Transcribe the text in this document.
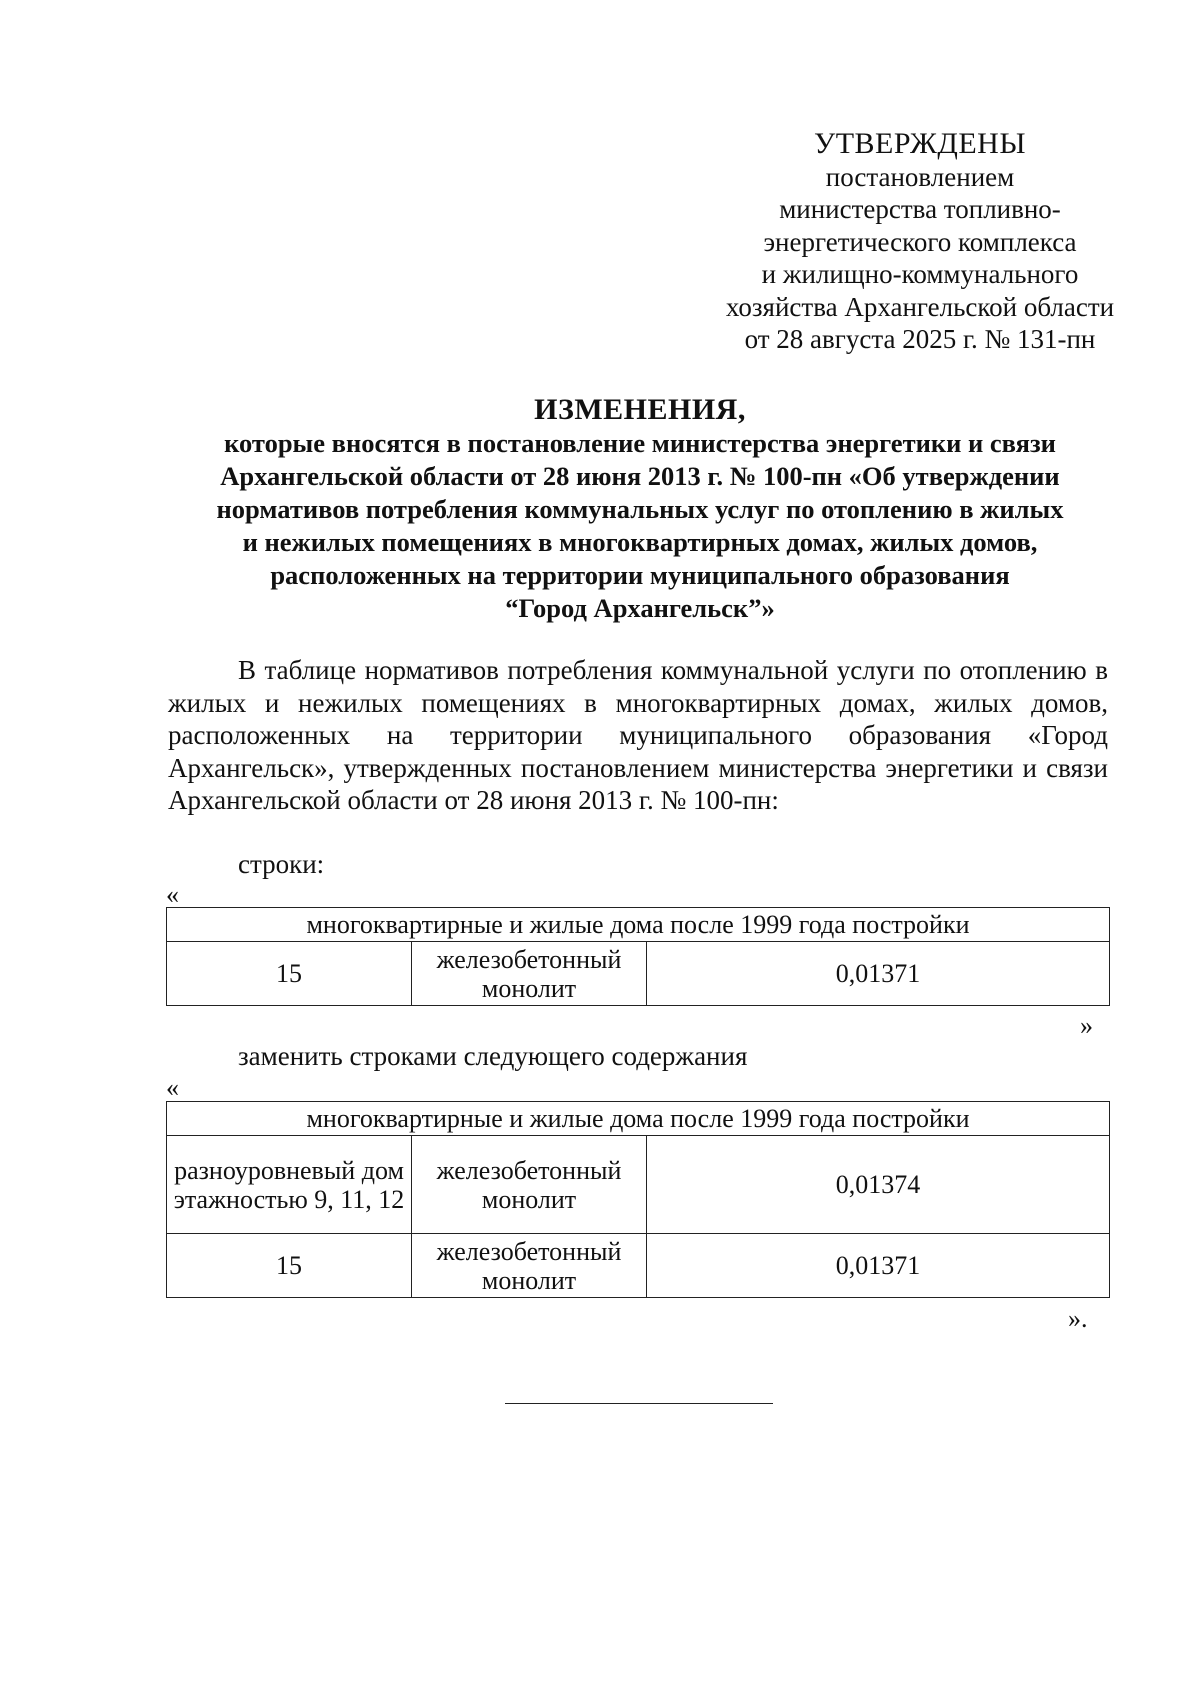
УТВЕРЖДЕНЫ
постановлением
министерства топливно-
энергетического комплекса
и жилищно-коммунального
хозяйства Архангельской области
от 28 августа 2025 г. № 131-пн
ИЗМЕНЕНИЯ,
которые вносятся в постановление министерства энергетики и связи
Архангельской области от 28 июня 2013 г. № 100-пн «Об утверждении
нормативов потребления коммунальных услуг по отоплению в жилых
и нежилых помещениях в многоквартирных домах, жилых домов,
расположенных на территории муниципального образования
“Город Архангельск”»
В таблице нормативов потребления коммунальной услуги по отоплению в жилых и нежилых помещениях в многоквартирных домах, жилых домов, расположенных на территории муниципального образования «Город Архангельск», утвержденных постановлением министерства энергетики и связи Архангельской области от 28 июня 2013 г. № 100-пн:
строки:
«
многоквартирные и жилые дома после 1999 года постройки
15	железобетонный монолит	0,01371
»
заменить строками следующего содержания
«
многоквартирные и жилые дома после 1999 года постройки		
разноуровневый дом этажностью 9, 11, 12	железобетонный монолит	0,01374
15	железобетонный монолит	0,01371
».
